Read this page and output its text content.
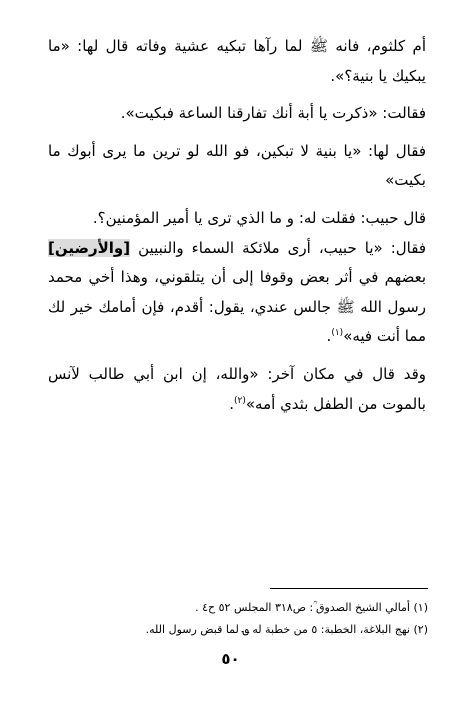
أم كلثوم، فانه ﷺ لما رآها تبكيه عشية وفاته قال لها: «ما يبكيك يا بنية؟».

فقالت: «ذكرت يا أبة أنك تفارقنا الساعة فبكيت».

فقال لها: «يا بنية لا تبكين، فو الله لو ترين ما يرى أبوك ما بكيت»

قال حبيب: فقلت له: و ما الذي ترى يا أمير المؤمنين؟.

فقال: «يا حبيب، أرى ملائكة السماء والنبيين [والأرضين] بعضهم في أثر بعض وقوفا إلى أن يتلقوني، وهذا أخي محمد رسول الله ﷺ جالس عندي، يقول: أقدم، فإن أمامك خير لك مما أنت فيه»$^{(١)}$.

وقد قال في مكان آخر: «والله، إن ابن أبي طالب لآنس بالموت من الطفل بثدي أمه»$^{(٢)}$.

(١) أمالي الشيخ الصدوق ؒ: ص٣١٨ المجلس ٥٢ ح٤ .

(٢) نهج البلاغة، الخطبة: ٥ من خطبة له ؈ لما قبض رسول الله.

٥٠
